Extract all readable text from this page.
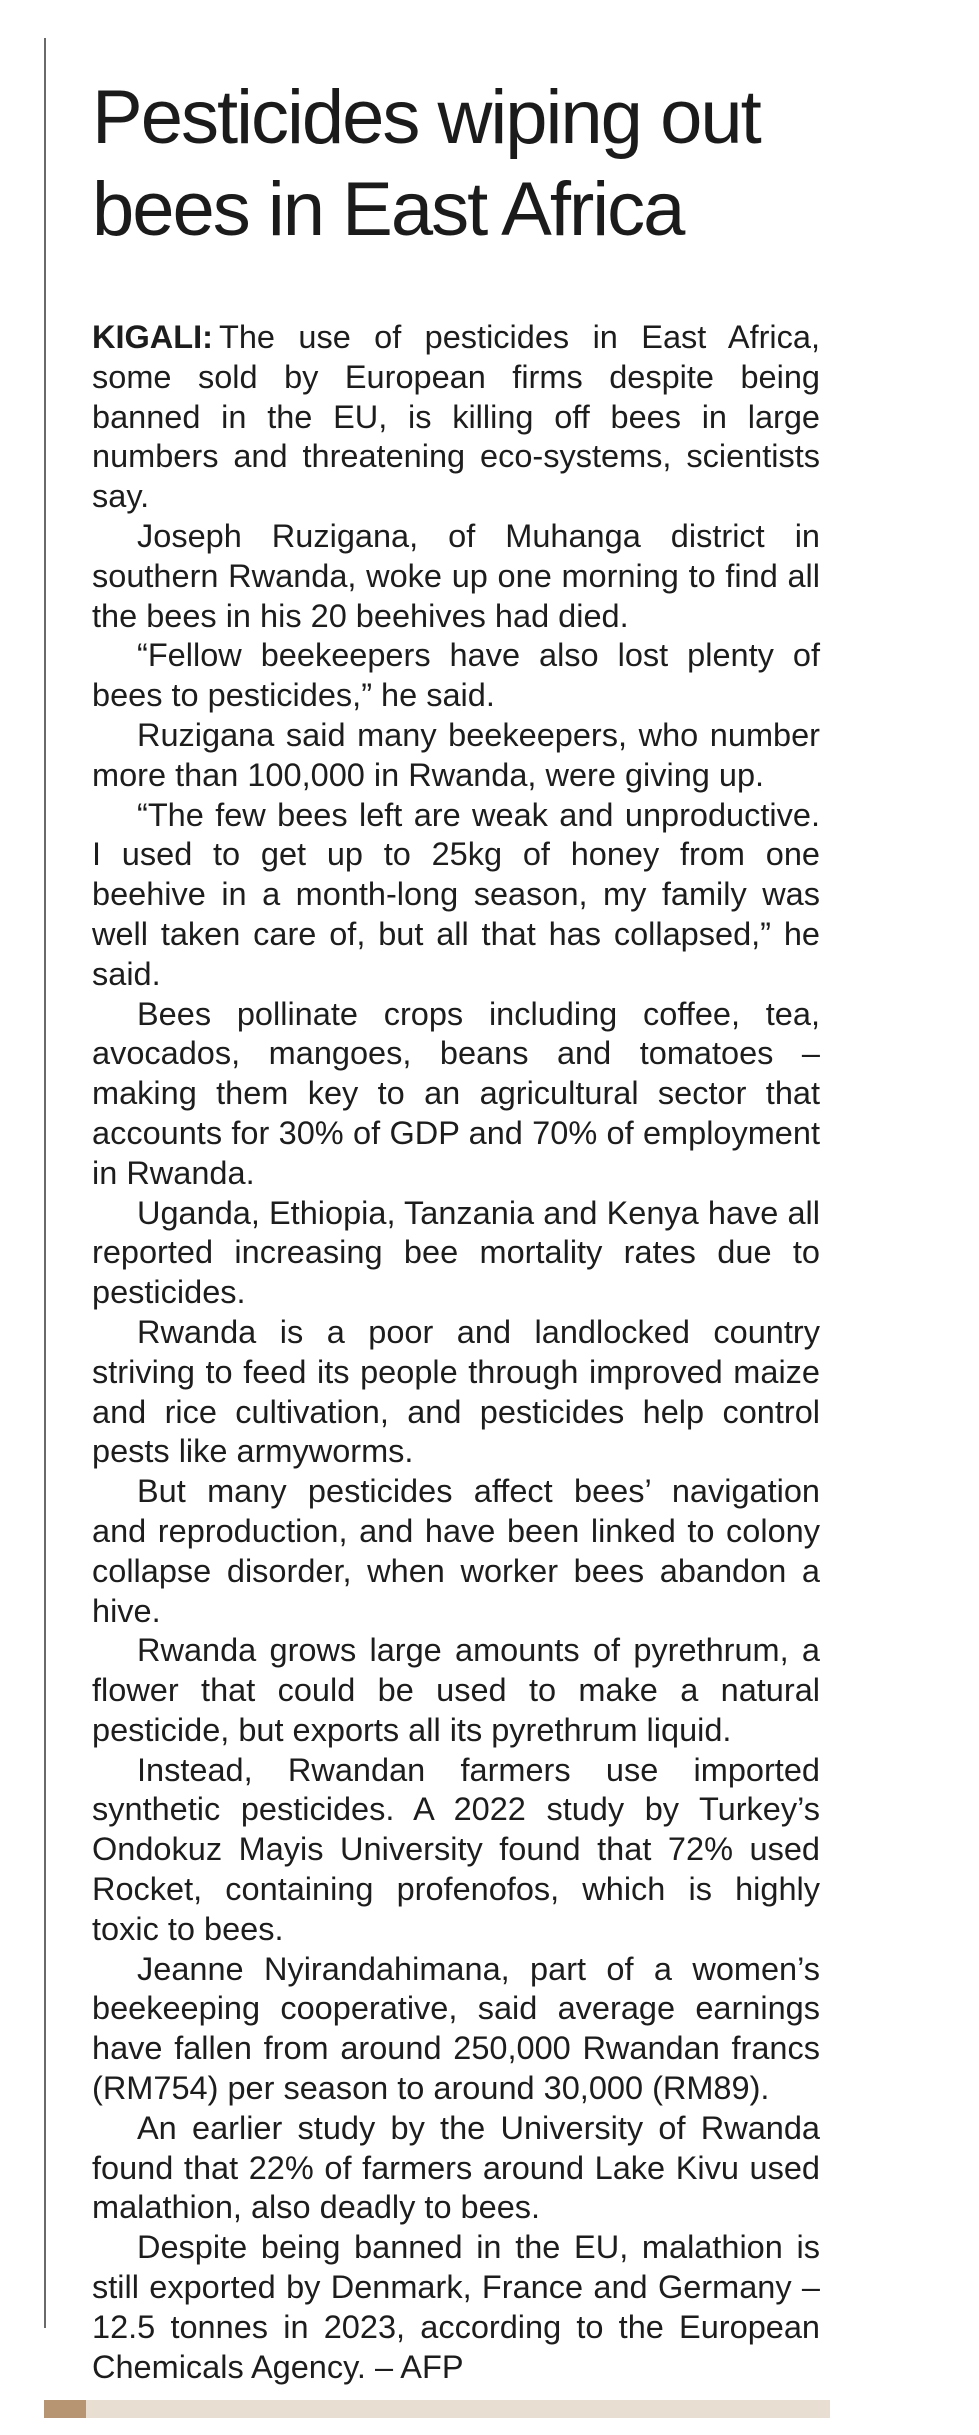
Pesticides wiping out
bees in East Africa

KIGALI: The use of pesticides in East Africa, some sold by European firms despite being banned in the EU, is killing off bees in large numbers and threatening eco-systems, scientists say.

Joseph Ruzigana, of Muhanga district in southern Rwanda, woke up one morning to find all the bees in his 20 beehives had died.

“Fellow beekeepers have also lost plenty of bees to pesticides,” he said.

Ruzigana said many beekeepers, who number more than 100,000 in Rwanda, were giving up.

“The few bees left are weak and unproductive. I used to get up to 25kg of honey from one beehive in a month-long season, my family was well taken care of, but all that has collapsed,” he said.

Bees pollinate crops including coffee, tea, avocados, mangoes, beans and tomatoes – making them key to an agricultural sector that accounts for 30% of GDP and 70% of employment in Rwanda.

Uganda, Ethiopia, Tanzania and Kenya have all reported increasing bee mortality rates due to pesticides.

Rwanda is a poor and landlocked country striving to feed its people through improved maize and rice cultivation, and pesticides help control pests like armyworms.

But many pesticides affect bees’ navigation and reproduction, and have been linked to colony collapse disorder, when worker bees abandon a hive.

Rwanda grows large amounts of pyrethrum, a flower that could be used to make a natural pesticide, but exports all its pyrethrum liquid.

Instead, Rwandan farmers use imported synthetic pesticides. A 2022 study by Turkey’s Ondokuz Mayis University found that 72% used Rocket, containing profenofos, which is highly toxic to bees.

Jeanne Nyirandahimana, part of a women’s beekeeping cooperative, said average earnings have fallen from around 250,000 Rwandan francs (RM754) per season to around 30,000 (RM89).

An earlier study by the University of Rwanda found that 22% of farmers around Lake Kivu used malathion, also deadly to bees.

Despite being banned in the EU, malathion is still exported by Denmark, France and Germany – 12.5 tonnes in 2023, according to the European Chemicals Agency. – AFP
